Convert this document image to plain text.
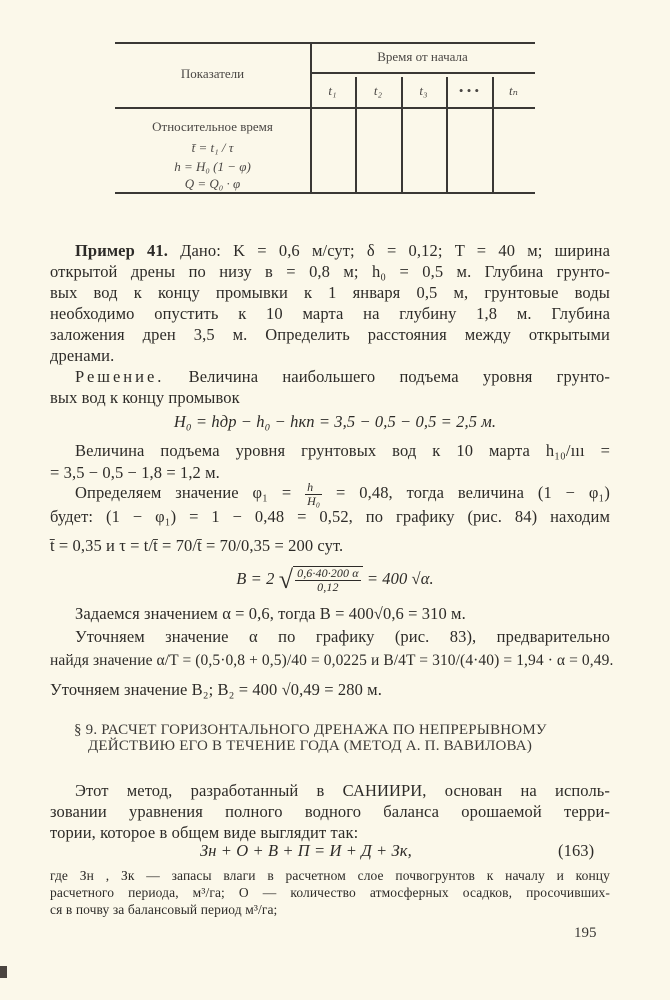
Показатели
Время от начала
t₁	t₂	t₃	• • •	tₙ
Относительное время
t̄ = t₁ / τ
h = H₀ (1 − φ)
Q = Q₀ · φ
Пример 41. Дано: K = 0,6 м/сут; δ = 0,12; T = 40 м; ширина
открытой дрены по низу в = 0,8 м; h₀ = 0,5 м. Глубина грунто-
вых вод к концу промывки к 1 января 0,5 м, грунтовые воды
необходимо опустить к 10 марта на глубину 1,8 м. Глубина
заложения дрен 3,5 м. Определить расстояния между открытыми
дренами.
Решение. Величина наибольшего подъема уровня грунто-
вых вод к концу промывок
H₀ = hдр − h₀ − hкп = 3,5 − 0,5 − 0,5 = 2,5 м.
Величина подъема уровня грунтовых вод к 10 марта h₁₀/ııı =
= 3,5 − 0,5 − 1,8 = 1,2 м.
Определяем значение $\varphi_1 = \frac{h}{\text{H₀}} = 0,48$, тогда величина (1 − φ₁)
будет: (1 − φ₁) = 1 − 0,48 = 0,52, по графику (рис. 84) находим
t̄ = 0,35 и τ = t/t̄ = 70/t̄ = 70/0,35 = 200 сут.
B = 2 √ $\frac{0,6\cdot 40\cdot 200 \alpha}{0,12} = 400$ √α.
Задаемся значением α = 0,6, тогда B = 400√0,6 = 310 м.
Уточняем значение α по графику (рис. 83), предварительно
найдя значение α/T = (0,5·0,8 + 0,5)/40 = 0,0225 и B/4T = 310/(4·40) = 1,94 · α = 0,49.
Уточняем значение B₂; B₂ = 400 √0,49 = 280 м.
§ 9. РАСЧЕТ ГОРИЗОНТАЛЬНОГО ДРЕНАЖА ПО НЕПРЕРЫВНОМУ
ДЕЙСТВИЮ ЕГО В ТЕЧЕНИЕ ГОДА (МЕТОД А. П. ВАВИЛОВА)
Этот метод, разработанный в САНИИРИ, основан на исполь-
зовании уравнения полного водного баланса орошаемой терри-
тории, которое в общем виде выглядит так:
Зн + О + В + П = И + Д + Зк,	(163)
где Зн , Зк — запасы влаги в расчетном слое почвогрунтов к началу и концу
расчетного периода, м³/га; О — количество атмосферных осадков, просочивших-
ся в почву за балансовый период м³/га;
195
